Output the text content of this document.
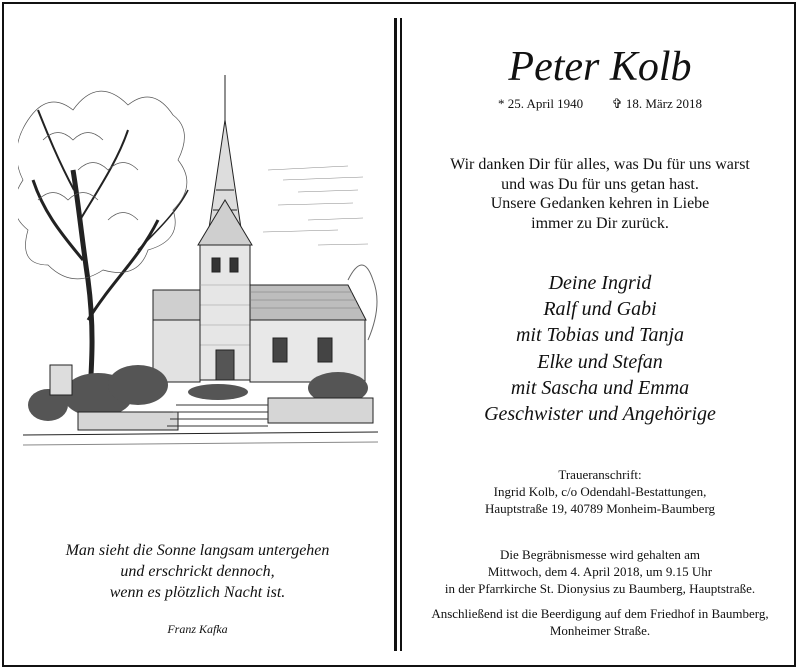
Man sieht die Sonne langsam untergehen
und erschrickt dennoch,
wenn es plötzlich Nacht ist.
Franz Kafka
Peter Kolb
* 25. April 1940 ✞ 18. März 2018
Wir danken Dir für alles, was Du für uns warst
und was Du für uns getan hast.
Unsere Gedanken kehren in Liebe
immer zu Dir zurück.
Deine Ingrid
Ralf und Gabi
mit Tobias und Tanja
Elke und Stefan
mit Sascha und Emma
Geschwister und Angehörige
Traueranschrift:
Ingrid Kolb, c/o Odendahl-Bestattungen,
Hauptstraße 19, 40789 Monheim-Baumberg
Die Begräbnismesse wird gehalten am
Mittwoch, dem 4. April 2018, um 9.15 Uhr
in der Pfarrkirche St. Dionysius zu Baumberg, Hauptstraße.
Anschließend ist die Beerdigung auf dem Friedhof in Baumberg,
Monheimer Straße.
